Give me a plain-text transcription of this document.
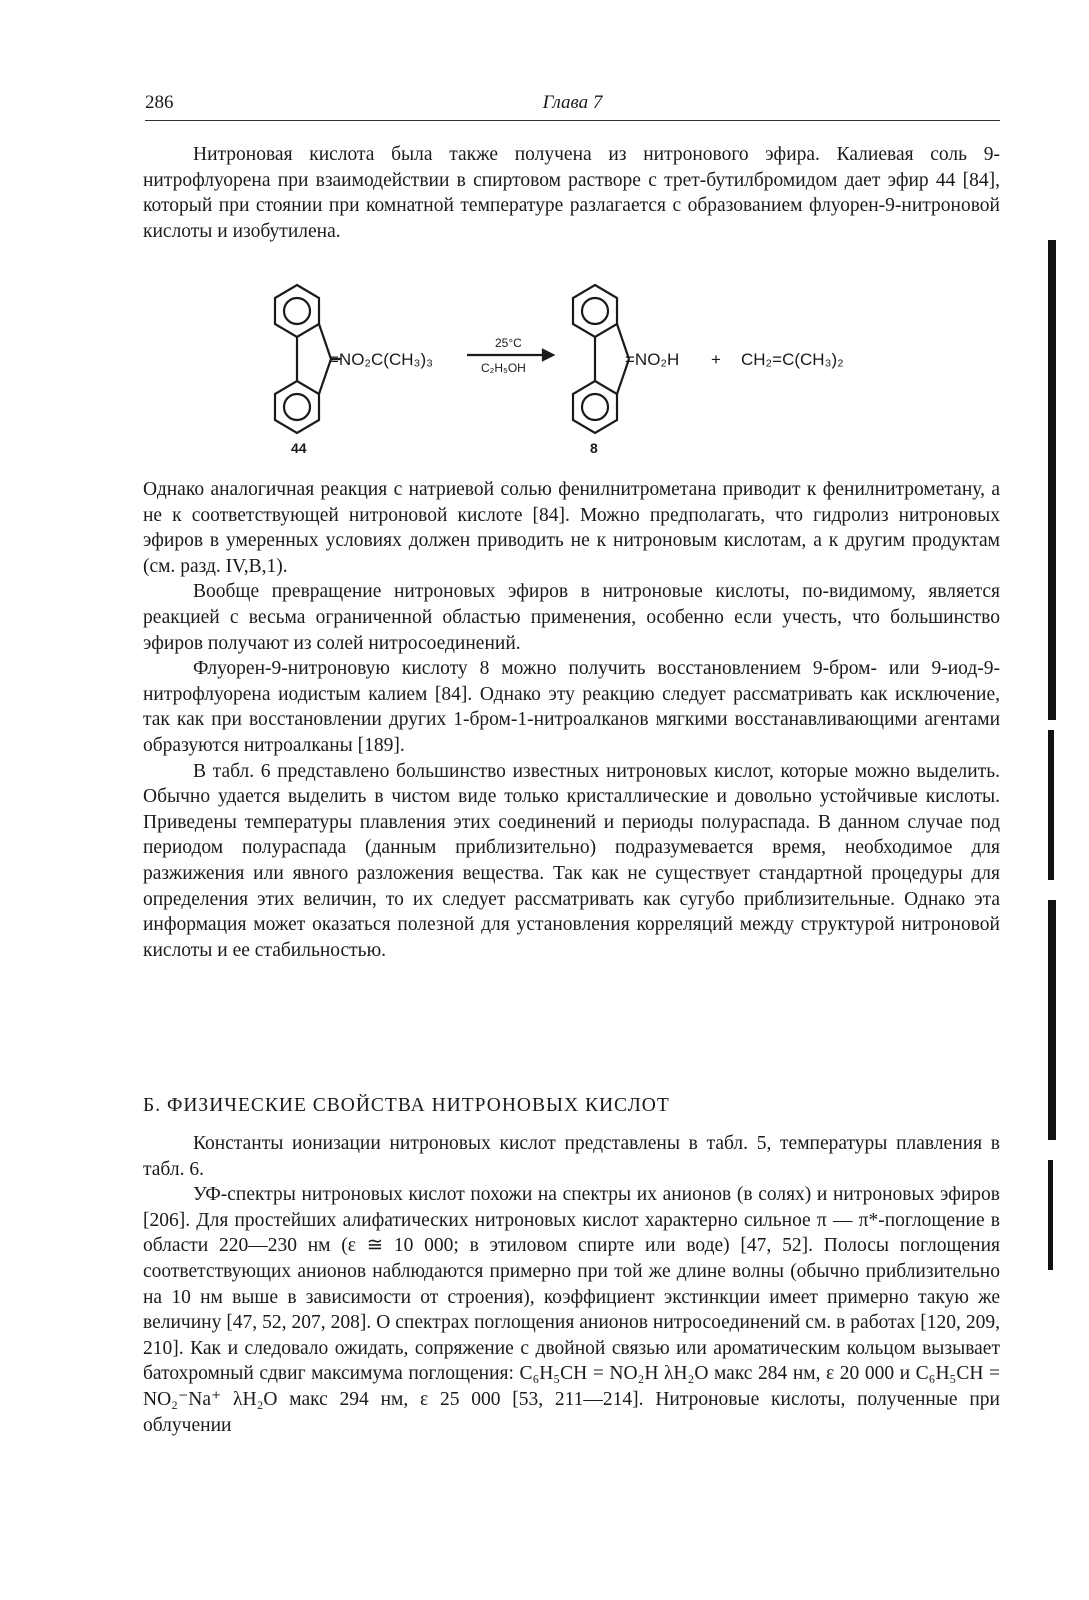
286	Глава 7

Нитроновая кислота была также получена из нитронового эфира. Калиевая соль 9-нитрофлуорена при взаимодействии в спиртовом растворе с трет-бутилбромидом дает эфир 44 [84], который при стоянии при комнатной температуре разлагается с образованием флуорен-9-нитроновой кислоты и изобутилена.

=NO₂C(CH₃)₃
44
25°C
C₂H₅OH	=NO₂H + CH₂=C(CH₃)₂
8

Однако аналогичная реакция с натриевой солью фенилнитрометана приводит к фенилнитрометану, а не к соответствующей нитроновой кислоте [84]. Можно предполагать, что гидролиз нитроновых эфиров в умеренных условиях должен приводить не к нитроновым кислотам, а к другим продуктам (см. разд. IV,В,1).

Вообще превращение нитроновых эфиров в нитроновые кислоты, по-видимому, является реакцией с весьма ограниченной областью применения, особенно если учесть, что большинство эфиров получают из солей нитросоединений.

Флуорен-9-нитроновую кислоту 8 можно получить восстановлением 9-бром- или 9-иод-9-нитрофлуорена иодистым калием [84]. Однако эту реакцию следует рассматривать как исключение, так как при восстановлении других 1-бром-1-нитроалканов мягкими восстанавливающими агентами образуются нитроалканы [189].

В табл. 6 представлено большинство известных нитроновых кислот, которые можно выделить. Обычно удается выделить в чистом виде только кристаллические и довольно устойчивые кислоты. Приведены температуры плавления этих соединений и периоды полураспада. В данном случае под периодом полураспада (данным приблизительно) подразумевается время, необходимое для разжижения или явного разложения вещества. Так как не существует стандартной процедуры для определения этих величин, то их следует рассматривать как сугубо приблизительные. Однако эта информация может оказаться полезной для установления корреляций между структурой нитроновой кислоты и ее стабильностью.

Б. ФИЗИЧЕСКИЕ СВОЙСТВА НИТРОНОВЫХ КИСЛОТ

Константы ионизации нитроновых кислот представлены в табл. 5, температуры плавления в табл. 6.

УФ-спектры нитроновых кислот похожи на спектры их анионов (в солях) и нитроновых эфиров [206]. Для простейших алифатических нитроновых кислот характерно сильное π — π*-поглощение в области 220—230 нм (ε ≅ 10 000; в этиловом спирте или воде) [47, 52]. Полосы поглощения соответствующих анионов наблюдаются примерно при той же длине волны (обычно приблизительно на 10 нм выше в зависимости от строения), коэффициент экстинкции имеет примерно такую же величину [47, 52, 207, 208]. О спектрах поглощения анионов нитросоединений см. в работах [120, 209, 210]. Как и следовало ожидать, сопряжение с двойной связью или ароматическим кольцом вызывает батохромный сдвиг максимума поглощения: C₆H₅CH = NO₂H λH₂O макс 284 нм, ε 20 000 и C₆H₅CH = NO₂⁻Na⁺ λH₂O макс 294 нм, ε 25 000 [53, 211—214]. Нитроновые кислоты, полученные при облучении
